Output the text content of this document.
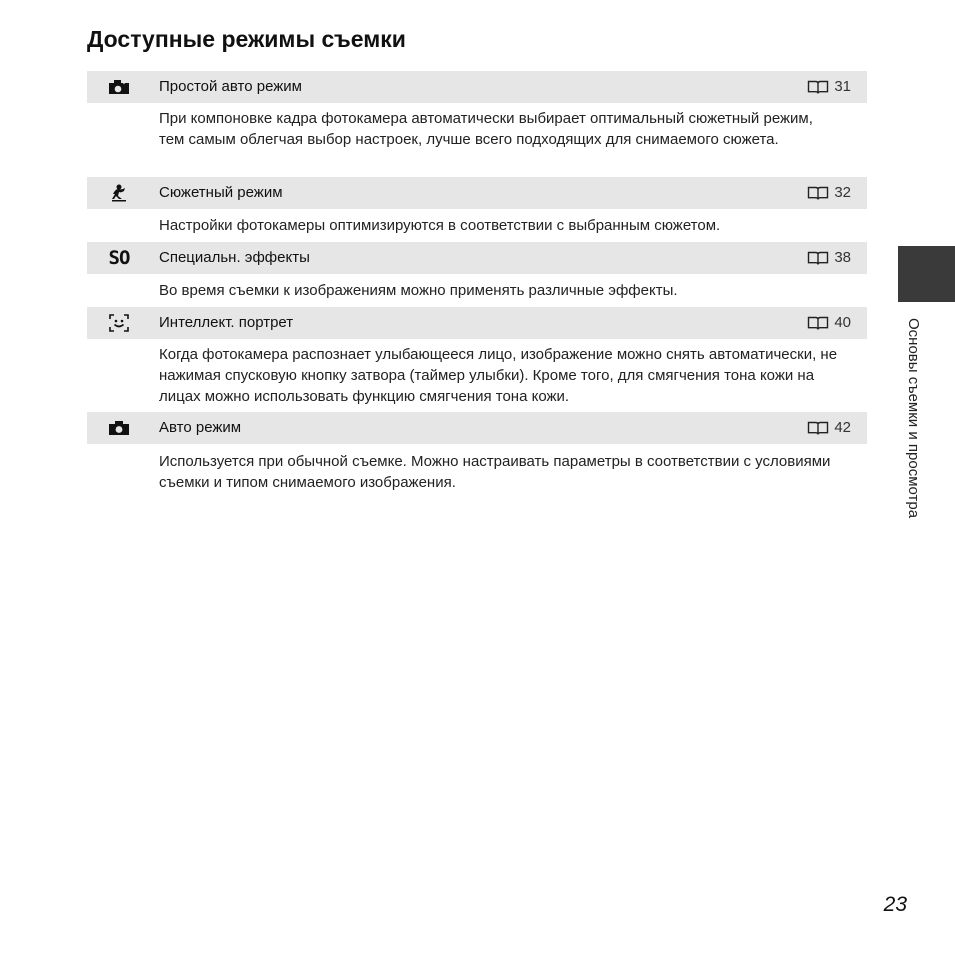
Доступные режимы съемки
Простой авто режим	31
При компоновке кадра фотокамера автоматически выбирает оптимальный сюжетный режим, тем самым облегчая выбор настроек, лучше всего подходящих для снимаемого сюжета.
Сюжетный режим	32
Настройки фотокамеры оптимизируются в соответствии с выбранным сюжетом.
SO Специальн. эффекты	38
Во время съемки к изображениям можно применять различные эффекты.
Интеллект. портрет	40
Когда фотокамера распознает улыбающееся лицо, изображение можно снять автоматически, не нажимая спусковую кнопку затвора (таймер улыбки). Кроме того, для смягчения тона кожи на лицах можно использовать функцию смягчения тона кожи.
Авто режим	42
Используется при обычной съемке. Можно настраивать параметры в соответствии с условиями съемки и типом снимаемого изображения.	Основы съемки и просмотра
23
